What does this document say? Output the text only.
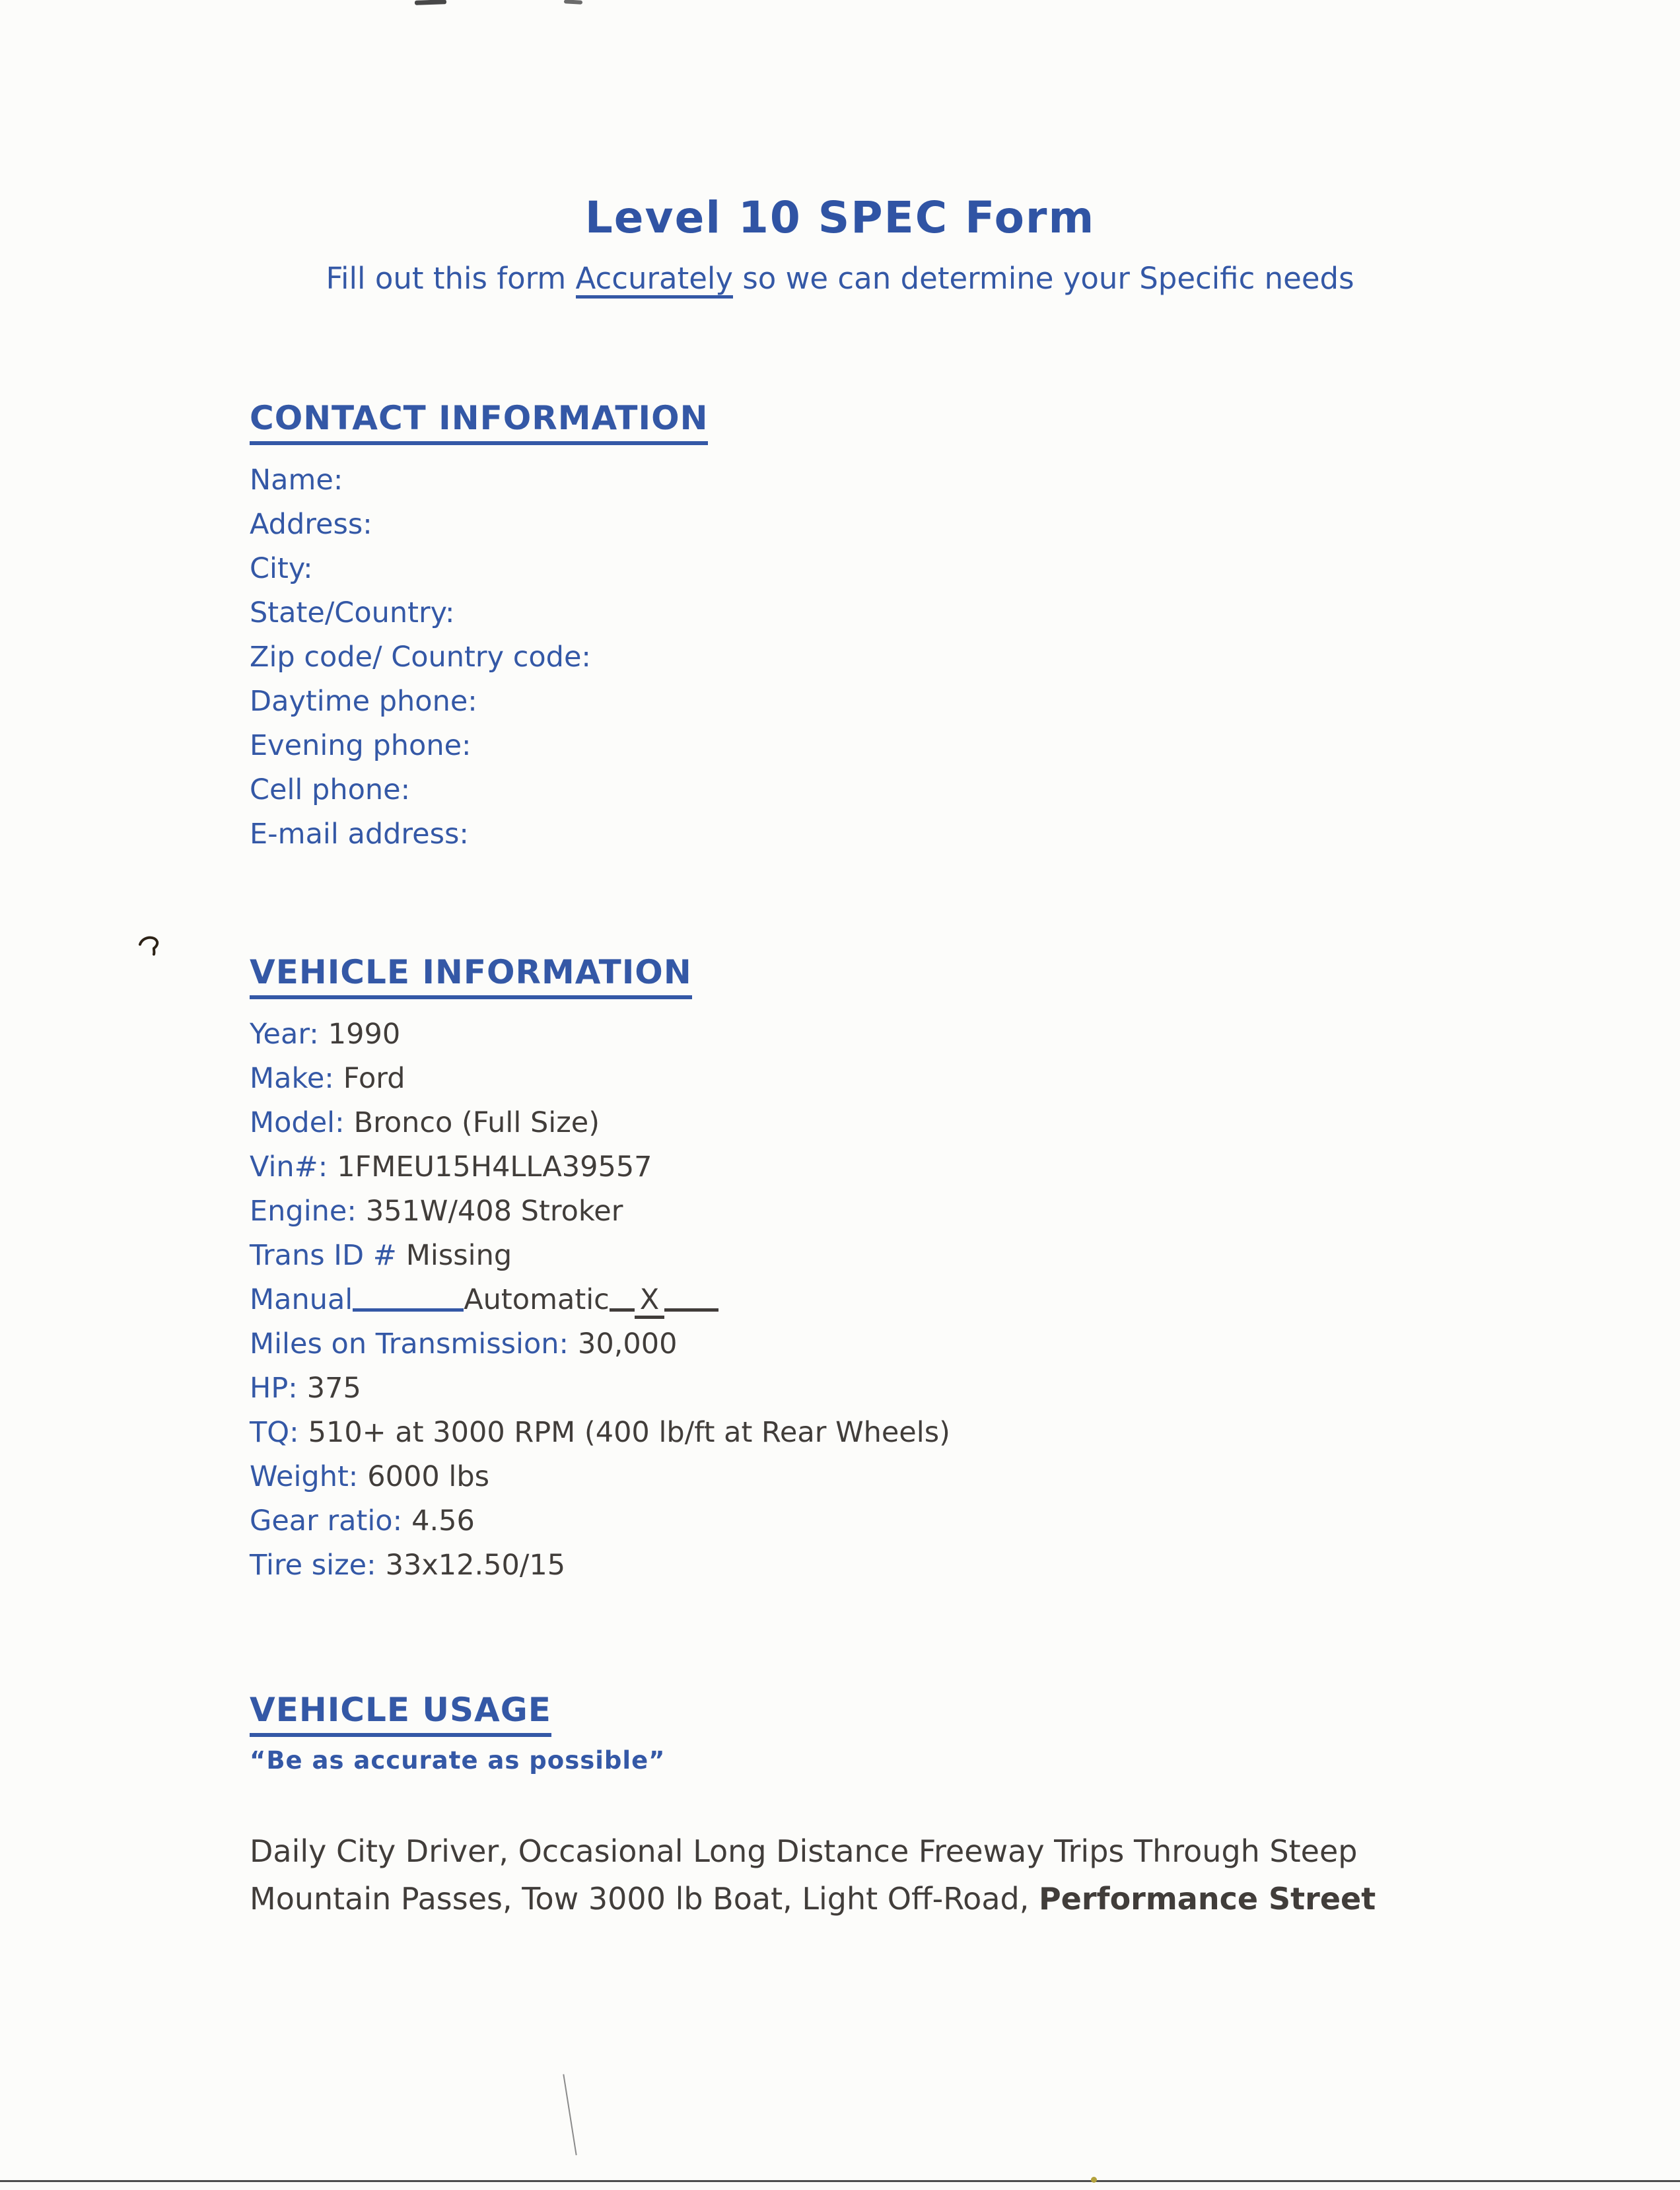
Level 10 SPEC Form

Fill out this form Accurately so we can determine your Specific needs

CONTACT INFORMATION
Name:
Address:
City:
State/Country:
Zip code/ Country code:
Daytime phone:
Evening phone:
Cell phone:
E-mail address:
VEHICLE INFORMATION
Year: 1990
Make: Ford
Model: Bronco (Full Size)
Vin#: 1FMEU15H4LLA39557
Engine: 351W/408 Stroker
Trans ID # Missing
Manual	Automatic X
Miles on Transmission: 30,000
HP: 375
TQ: 510+ at 3000 RPM (400 lb/ft at Rear Wheels)
Weight: 6000 lbs
Gear ratio: 4.56
Tire size: 33x12.50/15
VEHICLE USAGE
“Be as accurate as possible”
Daily City Driver, Occasional Long Distance Freeway Trips Through Steep
Mountain Passes, Tow 3000 lb Boat, Light Off-Road, Performance Street
